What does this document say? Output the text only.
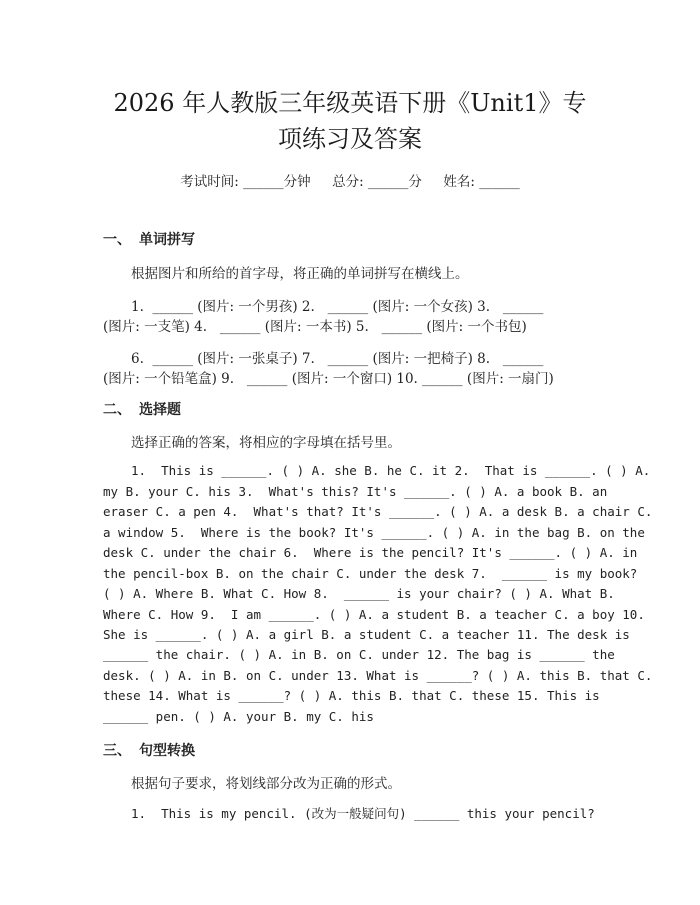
2026 年人教版三年级英语下册《Unit1》专
项练习及答案
考试时间: ______分钟     总分: ______分     姓名: ______
一、 单词拼写
根据图片和所给的首字母，将正确的单词拼写在横线上。
1.  ______ (图片: 一个男孩) 2.   ______ (图片: 一个女孩) 3.   ______
(图片: 一支笔) 4.   ______ (图片: 一本书) 5.   ______ (图片: 一个书包)
6.  ______ (图片: 一张桌子) 7.   ______ (图片: 一把椅子) 8.   ______
(图片: 一个铅笔盒) 9.   ______ (图片: 一个窗口) 10. ______ (图片: 一扇门)
二、 选择题
选择正确的答案，将相应的字母填在括号里。
1.  This is ______. ( ) A. she B. he C. it 2.  That is ______. ( ) A.
my B. your C. his 3.  What's this? It's ______. ( ) A. a book B. an
eraser C. a pen 4.  What's that? It's ______. ( ) A. a desk B. a chair C.
a window 5.  Where is the book? It's ______. ( ) A. in the bag B. on the
desk C. under the chair 6.  Where is the pencil? It's ______. ( ) A. in
the pencil-box B. on the chair C. under the desk 7.  ______ is my book?
( ) A. Where B. What C. How 8.  ______ is your chair? ( ) A. What B.
Where C. How 9.  I am ______. ( ) A. a student B. a teacher C. a boy 10.
She is ______. ( ) A. a girl B. a student C. a teacher 11. The desk is
______ the chair. ( ) A. in B. on C. under 12. The bag is ______ the
desk. ( ) A. in B. on C. under 13. What is ______? ( ) A. this B. that C.
these 14. What is ______? ( ) A. this B. that C. these 15. This is
______ pen. ( ) A. your B. my C. his
三、 句型转换
根据句子要求，将划线部分改为正确的形式。
1.  This is my pencil. (改为一般疑问句) ______ this your pencil?
